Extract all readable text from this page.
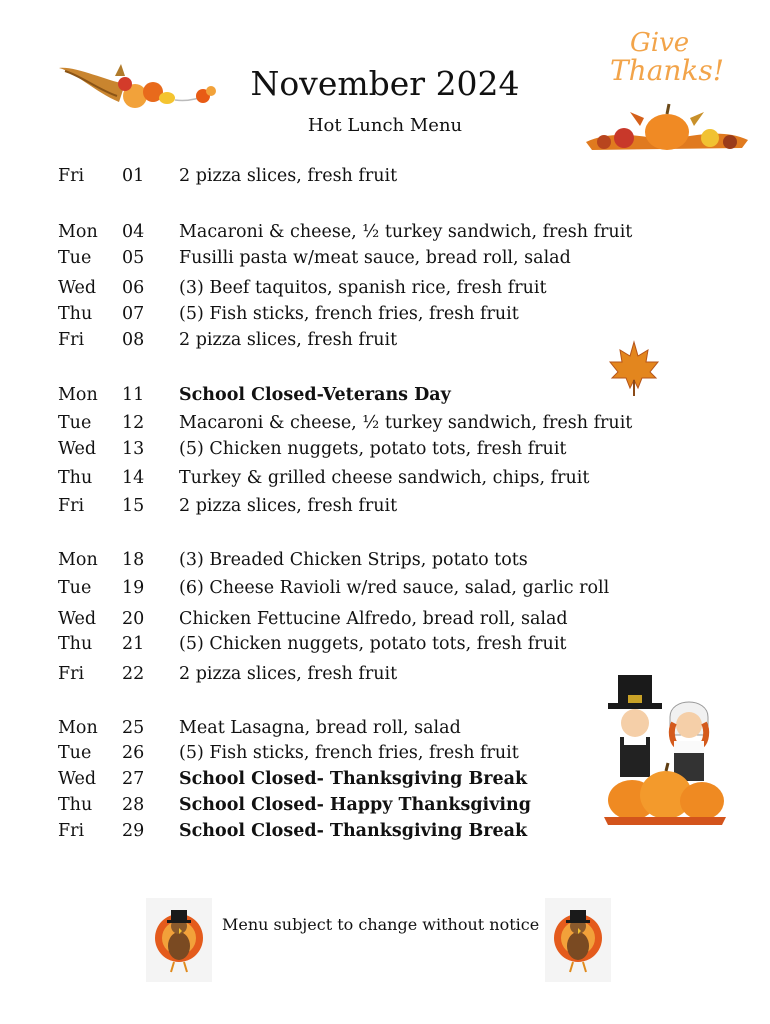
Give
Thanks!
November 2024
Hot Lunch Menu
Fri	01	2 pizza slices, fresh fruit
Mon	04	Macaroni & cheese, ½ turkey sandwich, fresh fruit
Tue	05	Fusilli pasta w/meat sauce, bread roll, salad
Wed	06	(3) Beef taquitos, spanish rice, fresh fruit
Thu	07	(5) Fish sticks, french fries, fresh fruit
Fri	08	2 pizza slices, fresh fruit
Mon	11	School Closed-Veterans Day
Tue	12	Macaroni & cheese, ½ turkey sandwich, fresh fruit
Wed	13	(5) Chicken nuggets, potato tots, fresh fruit
Thu	14	Turkey & grilled cheese sandwich, chips, fruit
Fri	15	2 pizza slices, fresh fruit
Mon	18	(3) Breaded Chicken Strips, potato tots
Tue	19	(6) Cheese Ravioli w/red sauce, salad, garlic roll
Wed	20	Chicken Fettucine Alfredo, bread roll, salad
Thu	21	(5) Chicken nuggets, potato tots, fresh fruit
Fri	22	2 pizza slices, fresh fruit
Mon	25	Meat Lasagna, bread roll, salad
Tue	26	(5) Fish sticks, french fries, fresh fruit
Wed	27	School Closed- Thanksgiving Break
Thu	28	School Closed- Happy Thanksgiving
Fri	29	School Closed- Thanksgiving Break
Menu subject to change without notice
